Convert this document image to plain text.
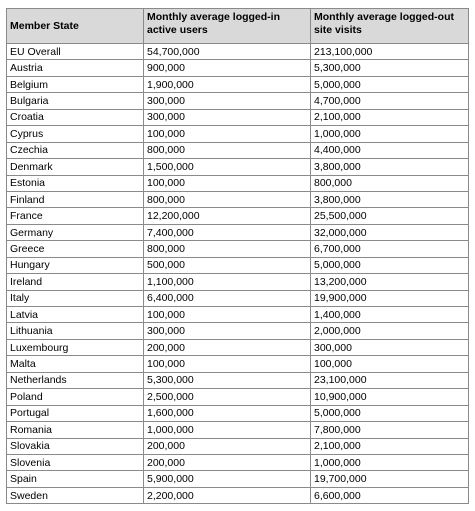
Member State	Monthly average logged-in active users	Monthly average logged-out site visits
EU Overall	54,700,000	213,100,000
Austria	900,000	5,300,000
Belgium	1,900,000	5,000,000
Bulgaria	300,000	4,700,000
Croatia	300,000	2,100,000
Cyprus	100,000	1,000,000
Czechia	800,000	4,400,000
Denmark	1,500,000	3,800,000
Estonia	100,000	800,000
Finland	800,000	3,800,000
France	12,200,000	25,500,000
Germany	7,400,000	32,000,000
Greece	800,000	6,700,000
Hungary	500,000	5,000,000
Ireland	1,100,000	13,200,000
Italy	6,400,000	19,900,000
Latvia	100,000	1,400,000
Lithuania	300,000	2,000,000
Luxembourg	200,000	300,000
Malta	100,000	100,000
Netherlands	5,300,000	23,100,000
Poland	2,500,000	10,900,000
Portugal	1,600,000	5,000,000
Romania	1,000,000	7,800,000
Slovakia	200,000	2,100,000
Slovenia	200,000	1,000,000
Spain	5,900,000	19,700,000
Sweden	2,200,000	6,600,000
